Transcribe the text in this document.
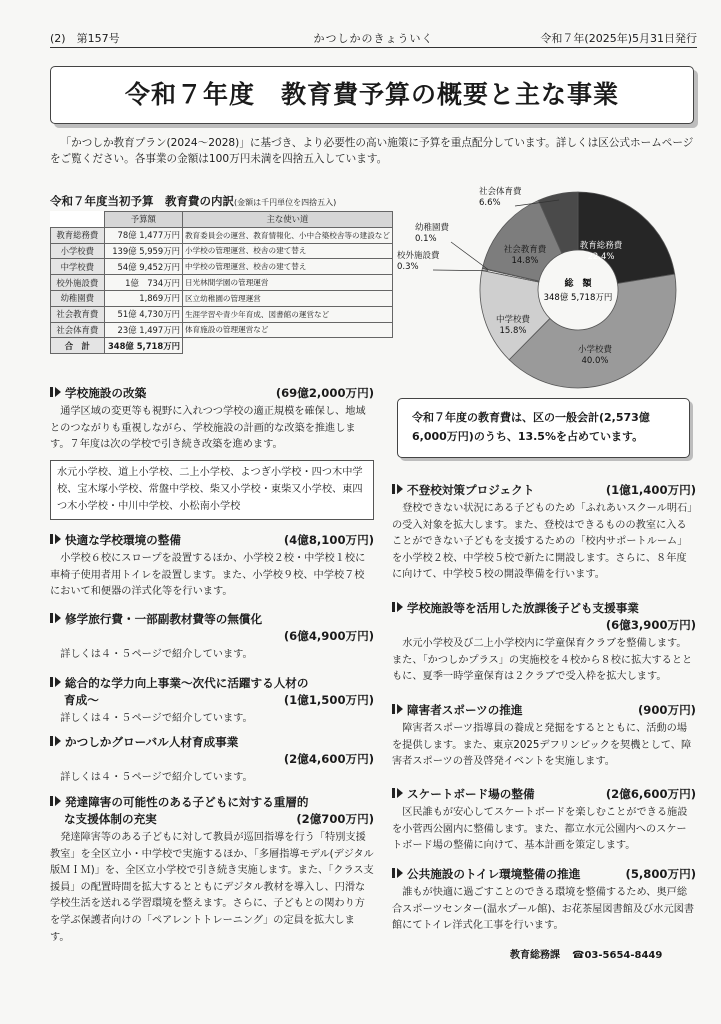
(2)　 第157号	かつしかのきょういく	令和７年(2025年)5月31日発行
令和７年度　教育費予算の概要と主な事業
「かつしか教育プラン(2024〜2028)」に基づき、より必要性の高い施策に予算を重点配分しています。詳しくは区公式ホームページをご覧ください。各事業の金額は100万円未満を四捨五入しています。
令和７年度当初予算　教育費の内訳(金額は千円単位を四捨五入)
	予算額	主な使い道
教育総務費	78億 1,477万円	教育委員会の運営、教育情報化、小中合築校舎等の建設など
小学校費	139億 5,959万円	小学校の管理運営、校舎の建て替え
中学校費	54億 9,452万円	中学校の管理運営、校舎の建て替え
校外施設費	1億　734万円	日光林間学園の管理運営
幼稚園費	1,869万円	区立幼稚園の管理運営
社会教育費	51億 4,730万円	生涯学習や青少年育成、図書館の運営など
社会体育費	23億 1,497万円	体育施設の管理運営など
合　計	348億 5,718万円	
教育総務費
22.4%
小学校費
40.0%
中学校費
15.8%
校外施設費
0.3%
幼稚園費
0.1%
社会教育費
14.8%
社会体育費
6.6%
総　額
348億 5,718万円
令和７年度の教育費は、区の一般会計(2,573億
6,000万円)のうち、13.5%を占めています。
学校施設の改築	(69億2,000万円)
通学区域の変更等も視野に入れつつ学校の適正規模を確保し、地域とのつながりも重視しながら、学校施設の計画的な改築を推進します。７年度は次の学校で引き続き改築を進めます。
水元小学校、道上小学校、二上小学校、よつぎ小学校・四つ木中学校、宝木塚小学校、常盤中学校、柴又小学校・東柴又小学校、東四つ木小学校・中川中学校、小松南小学校
快適な学校環境の整備	(4億8,100万円)
小学校６校にスロープを設置するほか、小学校２校・中学校１校に車椅子使用者用トイレを設置します。また、小学校９校、中学校７校において和便器の洋式化等を行います。
修学旅行費・一部副教材費等の無償化
(6億4,900万円)
詳しくは４・５ページで紹介しています。
総合的な学力向上事業〜次代に活躍する人材の
育成〜	(1億1,500万円)
詳しくは４・５ページで紹介しています。
かつしかグローバル人材育成事業
(2億4,600万円)
詳しくは４・５ページで紹介しています。
発達障害の可能性のある子どもに対する重層的
な支援体制の充実	(2億700万円)
発達障害等のある子どもに対して教員が巡回指導を行う「特別支援教室」を全区立小・中学校で実施するほか、「多層指導モデル(デジタル版ＭＩＭ)」を、全区立小学校で引き続き実施します。また、「クラス支援員」の配置時間を拡大するとともにデジタル教材を導入し、円滑な学校生活を送れる学習環境を整えます。さらに、子どもとの関わり方を学ぶ保護者向けの「ペアレントトレーニング」の定員を拡大します。
不登校対策プロジェクト	(1億1,400万円)
登校できない状況にある子どものため「ふれあいスクール明石」の受入対象を拡大します。また、登校はできるものの教室に入ることができない子どもを支援するための「校内サポートルーム」を小学校２校、中学校５校で新たに開設します。さらに、８年度に向けて、中学校５校の開設準備を行います。
学校施設等を活用した放課後子ども支援事業
(6億3,900万円)
水元小学校及び二上小学校内に学童保育クラブを整備します。また、「かつしかプラス」の実施校を４校から８校に拡大するとともに、夏季一時学童保育は２クラブで受入枠を拡大します。
障害者スポーツの推進	(900万円)
障害者スポーツ指導員の養成と発掘をするとともに、活動の場を提供します。また、東京2025デフリンピックを契機として、障害者スポーツの普及啓発イベントを実施します。
スケートボード場の整備	(2億6,600万円)
区民誰もが安心してスケートボードを楽しむことができる施設を小菅西公園内に整備します。また、都立水元公園内へのスケートボード場の整備に向けて、基本計画を策定します。
公共施設のトイレ環境整備の推進	(5,800万円)
誰もが快適に過ごすことのできる環境を整備するため、奥戸総合スポーツセンター(温水プール館)、お花茶屋図書館及び水元図書館にてトイレ洋式化工事を行います。
教育総務課 ☎03-5654-8449
